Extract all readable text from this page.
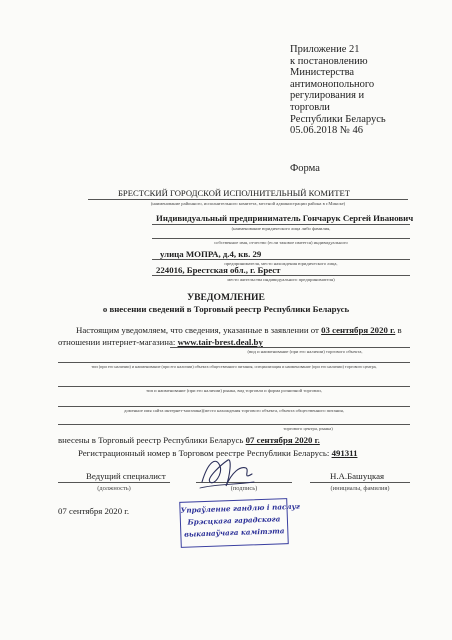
Приложение 21
к постановлению
Министерства
антимонопольного
регулирования и
торговли
Республики Беларусь
05.06.2018 № 46
Форма
БРЕСТСКИЙ ГОРОДСКОЙ ИСПОЛНИТЕЛЬНЫЙ КОМИТЕТ
(наименование районного, исполнительного комитета, местной администрации района в г.Минске)
Индивидуальный предприниматель Гончарук Сергей Иванович
(наименование юридического лица либо фамилия,
собственное имя, отчество (если таковое имеется) индивидуального
улица МОПРА, д.4, кв. 29
предпринимателя, место нахождения юридического лица,
224016, Брестская обл., г. Брест
место жительства индивидуального предпринимателя)
УВЕДОМЛЕНИЕ
о внесении сведений в Торговый реестр Республики Беларусь
Настоящим уведомляем, что сведения, указанные в заявлении от 03 сентября 2020 г. в
отношении интернет-магазина: www.tair-brest.deal.by
(вид и наименование (при его наличии) торгового объекта,
тип (при его наличии) и наименование (при его наличии) объекта общественного питания, специализация и наименование (при его наличии) торгового центра,
тип и наименование (при его наличии) рынка, вид торговли и форма розничной торговли,
доменное имя сайта интернет-магазина)(место нахождения торгового объекта, объекта общественного питания,
торгового центра, рынка)
внесены в Торговый реестр Республики Беларусь 07 сентября 2020 г.
Регистрационный номер в Торговом реестре Республики Беларусь: 491311
Ведущий специалист
(должность)	(подпись)
Н.А.Башуцкая
(инициалы, фамилия)
07 сентября 2020 г.	Упраўленне гандлю і паслуг
Брэсцкага гарадскога
выканаўчага камітэта
